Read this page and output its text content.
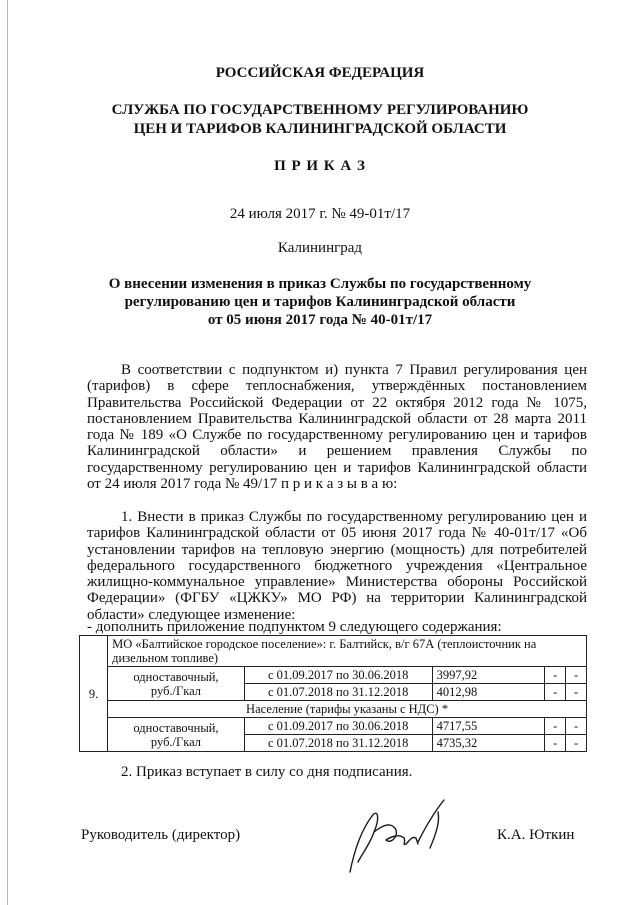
РОССИЙСКАЯ ФЕДЕРАЦИЯ
СЛУЖБА ПО ГОСУДАРСТВЕННОМУ РЕГУЛИРОВАНИЮ
ЦЕН И ТАРИФОВ КАЛИНИНГРАДСКОЙ ОБЛАСТИ
П Р И К А З
24 июля 2017 г. № 49-01т/17
Калининград
О внесении изменения в приказ Службы по государственному
регулированию цен и тарифов Калининградской области
от 05 июня 2017 года № 40-01т/17

В соответствии с подпунктом и) пункта 7 Правил регулирования цен (тарифов) в сфере теплоснабжения, утверждённых постановлением Правительства Российской Федерации от 22 октября 2012 года № 1075, постановлением Правительства Калининградской области от 28 марта 2011 года № 189 «О Службе по государственному регулированию цен и тарифов Калининградской области» и решением правления Службы по государственному регулированию цен и тарифов Калининградской области от 24 июля 2017 года № 49/17 п р и к а з ы в а ю:

1. Внести в приказ Службы по государственному регулированию цен и тарифов Калининградской области от 05 июня 2017 года № 40-01т/17 «Об установлении тарифов на тепловую энергию (мощность) для потребителей федерального государственного бюджетного учреждения «Центральное жилищно-коммунальное управление» Министерства обороны Российской Федерации» (ФГБУ «ЦЖКУ» МО РФ) на территории Калининградской области» следующее изменение:

- дополнить приложение подпунктом 9 следующего содержания:

9.	МО «Балтийское городское поселение»: г. Балтийск, в/г 67А (теплоисточник на дизельном топливе)				

	одноставочный,
руб./Гкал	с 01.09.2017 по 30.06.2018	3997,92	-	-
		с 01.07.2018 по 31.12.2018	4012,98	-	-
	Население (тарифы указаны с НДС) *				

	одноставочный,
руб./Гкал	с 01.09.2017 по 30.06.2018	4717,55	-	-
		с 01.07.2018 по 31.12.2018	4735,32	-	-

2. Приказ вступает в силу со дня подписания.

Руководитель (директор)	К.А. Юткин
